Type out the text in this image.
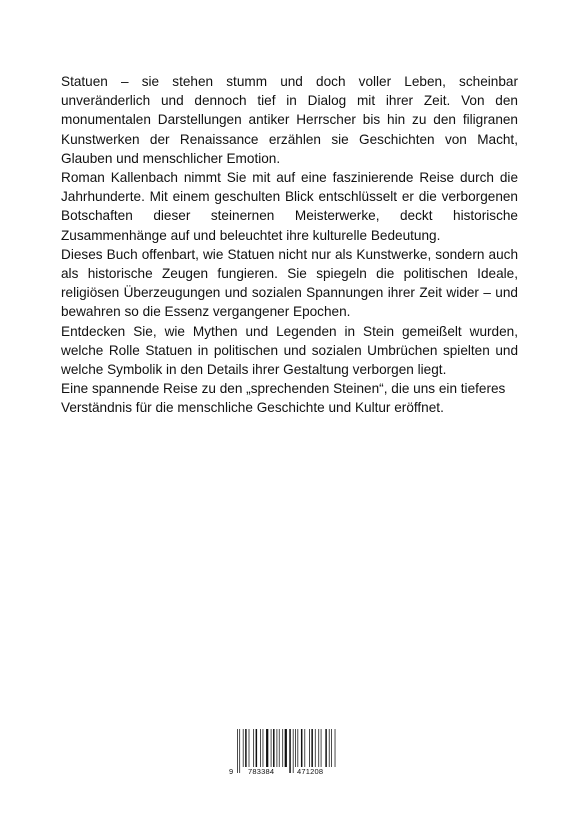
Statuen – sie stehen stumm und doch voller Leben, scheinbar unveränderlich und dennoch tief in Dialog mit ihrer Zeit. Von den monumentalen Darstellungen antiker Herrscher bis hin zu den filigranen Kunstwerken der Renaissance erzählen sie Geschichten von Macht, Glauben und menschlicher Emotion.

Roman Kallenbach nimmt Sie mit auf eine faszinierende Reise durch die Jahrhunderte. Mit einem geschulten Blick entschlüsselt er die verborgenen Botschaften dieser steinernen Meisterwerke, deckt historische Zusammenhänge auf und beleuchtet ihre kulturelle Bedeutung.

Dieses Buch offenbart, wie Statuen nicht nur als Kunstwerke, sondern auch als historische Zeugen fungieren. Sie spiegeln die politischen Ideale, religiösen Überzeugungen und sozialen Spannungen ihrer Zeit wider – und bewahren so die Essenz vergangener Epochen.

Entdecken Sie, wie Mythen und Legenden in Stein gemeißelt wurden, welche Rolle Statuen in politischen und sozialen Umbrüchen spielten und welche Symbolik in den Details ihrer Gestaltung verborgen liegt.

Eine spannende Reise zu den „sprechenden Steinen“, die uns ein tieferes Verständnis für die menschliche Geschichte und Kultur eröffnet.

9 783384	471208
